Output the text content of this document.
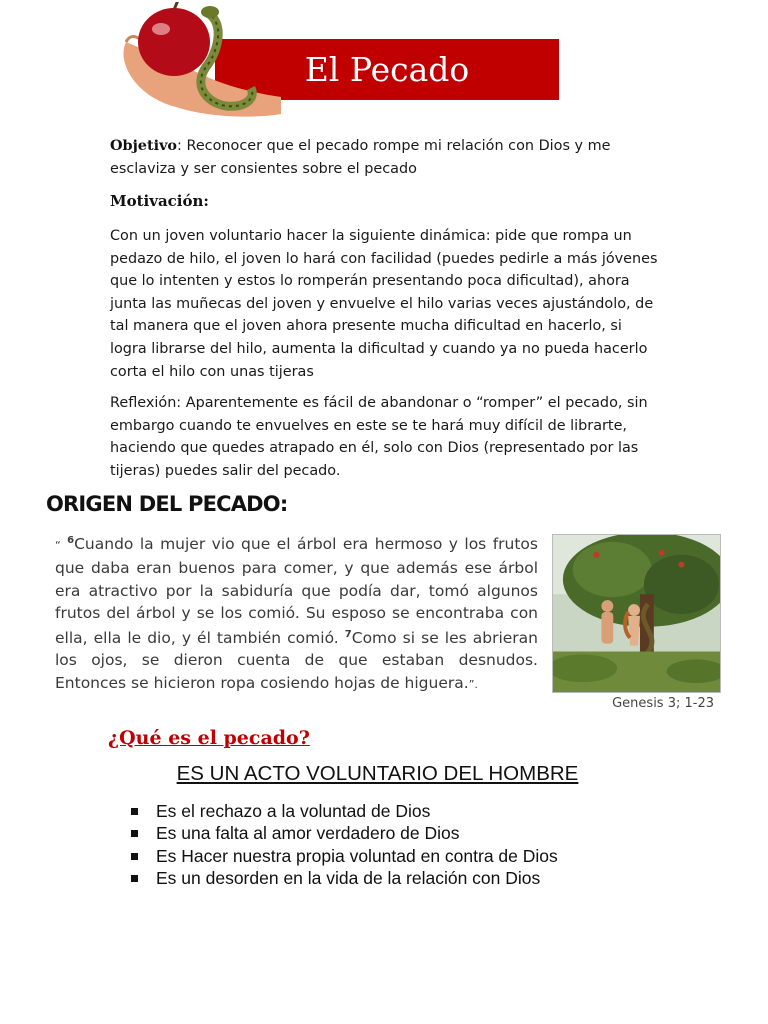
El Pecado
Objetivo: Reconocer que el pecado rompe mi relación con Dios y me esclaviza y ser consientes sobre el pecado
Motivación:
Con un joven voluntario hacer la siguiente dinámica: pide que rompa un pedazo de hilo, el joven lo hará con facilidad (puedes pedirle a más jóvenes que lo intenten y estos lo romperán presentando poca dificultad), ahora junta las muñecas del joven y envuelve el hilo varias veces ajustándolo, de tal manera que el joven ahora presente mucha dificultad en hacerlo, si logra librarse del hilo, aumenta la dificultad y cuando ya no pueda hacerlo corta el hilo con unas tijeras
Reflexión: Aparentemente es fácil de abandonar o “romper” el pecado, sin embargo cuando te envuelves en este se te hará muy difícil de librarte, haciendo que quedes atrapado en él, solo con Dios (representado por las tijeras) puedes salir del pecado.
ORIGEN DEL PECADO:
“ $^6$Cuando la mujer vio que el árbol era hermoso y los frutos que daba eran buenos para comer, y que además ese árbol era atractivo por la sabiduría que podía dar, tomó algunos frutos del árbol y se los comió. Su esposo se encontraba con ella, ella le dio, y él también comió. $^7$Como si se les abrieran los ojos, se dieron cuenta de que estaban desnudos. Entonces se hicieron ropa cosiendo hojas de higuera.”.
Genesis 3; 1-23
¿Qué es el pecado?
ES UN ACTO VOLUNTARIO DEL HOMBRE
Es el rechazo a la voluntad de Dios
Es una falta al amor verdadero de Dios
Es Hacer nuestra propia voluntad en contra de Dios
Es un desorden en la vida de la relación con Dios
